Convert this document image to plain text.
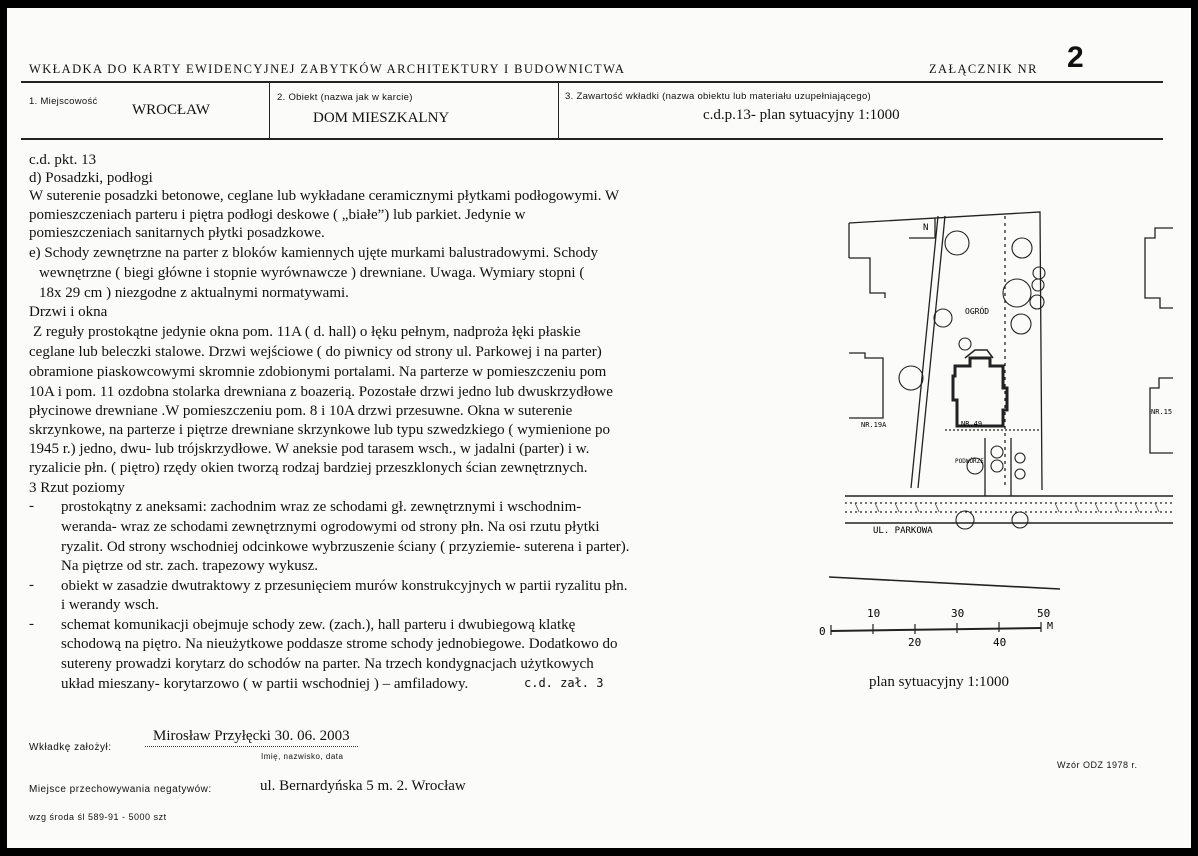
WKŁADKA DO KARTY EWIDENCYJNEJ ZABYTKÓW ARCHITEKTURY I BUDOWNICTWA	ZAŁĄCZNIK NR 2
1. Miejscowość
WROCŁAW
2. Obiekt (nazwa jak w karcie)
DOM MIESZKALNY
3. Zawartość wkładki (nazwa obiektu lub materiału uzupełniającego)
c.d.p.13- plan sytuacyjny 1:1000
c.d. pkt. 13
d) Posadzki, podłogi
W suterenie posadzki betonowe, ceglane lub wykładane ceramicznymi płytkami podłogowymi. W
pomieszczeniach parteru i piętra podłogi deskowe ( „białe”) lub parkiet. Jedynie w
pomieszczeniach sanitarnych płytki posadzkowe.
e) Schody zewnętrzne na parter z bloków kamiennych ujęte murkami balustradowymi. Schody
wewnętrzne ( biegi główne i stopnie wyrównawcze ) drewniane. Uwaga. Wymiary stopni (
18x 29 cm ) niezgodne z aktualnymi normatywami.
Drzwi i okna
Z reguły prostokątne jedynie okna pom. 11A ( d. hall) o łęku pełnym, nadproża łęki płaskie
ceglane lub beleczki stalowe. Drzwi wejściowe ( do piwnicy od strony ul. Parkowej i na parter)
obramione piaskowcowymi skromnie zdobionymi portalami. Na parterze w pomieszczeniu pom
10A i pom. 11 ozdobna stolarka drewniana z boazerią. Pozostałe drzwi jedno lub dwuskrzydłowe
płycinowe drewniane .W pomieszczeniu pom. 8 i 10A drzwi przesuwne. Okna w suterenie
skrzynkowe, na parterze i piętrze drewniane skrzynkowe lub typu szwedzkiego ( wymienione po
1945 r.) jedno, dwu- lub trójskrzydłowe. W aneksie pod tarasem wsch., w jadalni (parter) i w.
ryzalicie płn. ( piętro) rzędy okien tworzą rodzaj bardziej przeszklonych ścian zewnętrznych.
3 Rzut poziomy
- prostokątny z aneksami: zachodnim wraz ze schodami gł. zewnętrznymi i wschodnim-
weranda- wraz ze schodami zewnętrznymi ogrodowymi od strony płn. Na osi rzutu płytki
ryzalit. Od strony wschodniej odcinkowe wybrzuszenie ściany ( przyziemie- suterena i parter).
Na piętrze od str. zach. trapezowy wykusz.
- obiekt w zasadzie dwutraktowy z przesunięciem murów konstrukcyjnych w partii ryzalitu płn.
i werandy wsch.
- schemat komunikacji obejmuje schody zew. (zach.), hall parteru i dwubiegową klatkę
schodową na piętro. Na nieużytkowe poddasze strome schody jednobiegowe. Dodatkowo do
sutereny prowadzi korytarz do schodów na parter. Na trzech kondygnacjach użytkowych
układ mieszany- korytarzowo ( w partii wschodniej ) – amfiladowy.	c.d. zał. 3
N
OGRÓD
NR.49
NR.19A
NR.15
PODWÓRZE
UL. PARKOWA
0
10	30	50
20	40
M
plan sytuacyjny 1:1000
Wkładkę założył:
Mirosław Przyłęcki 30. 06. 2003
Imię, nazwisko, data
Wzór ODZ 1978 r.
Miejsce przechowywania negatywów:	ul. Bernardyńska 5 m. 2. Wrocław
wzg środa śl 589-91 - 5000 szt
